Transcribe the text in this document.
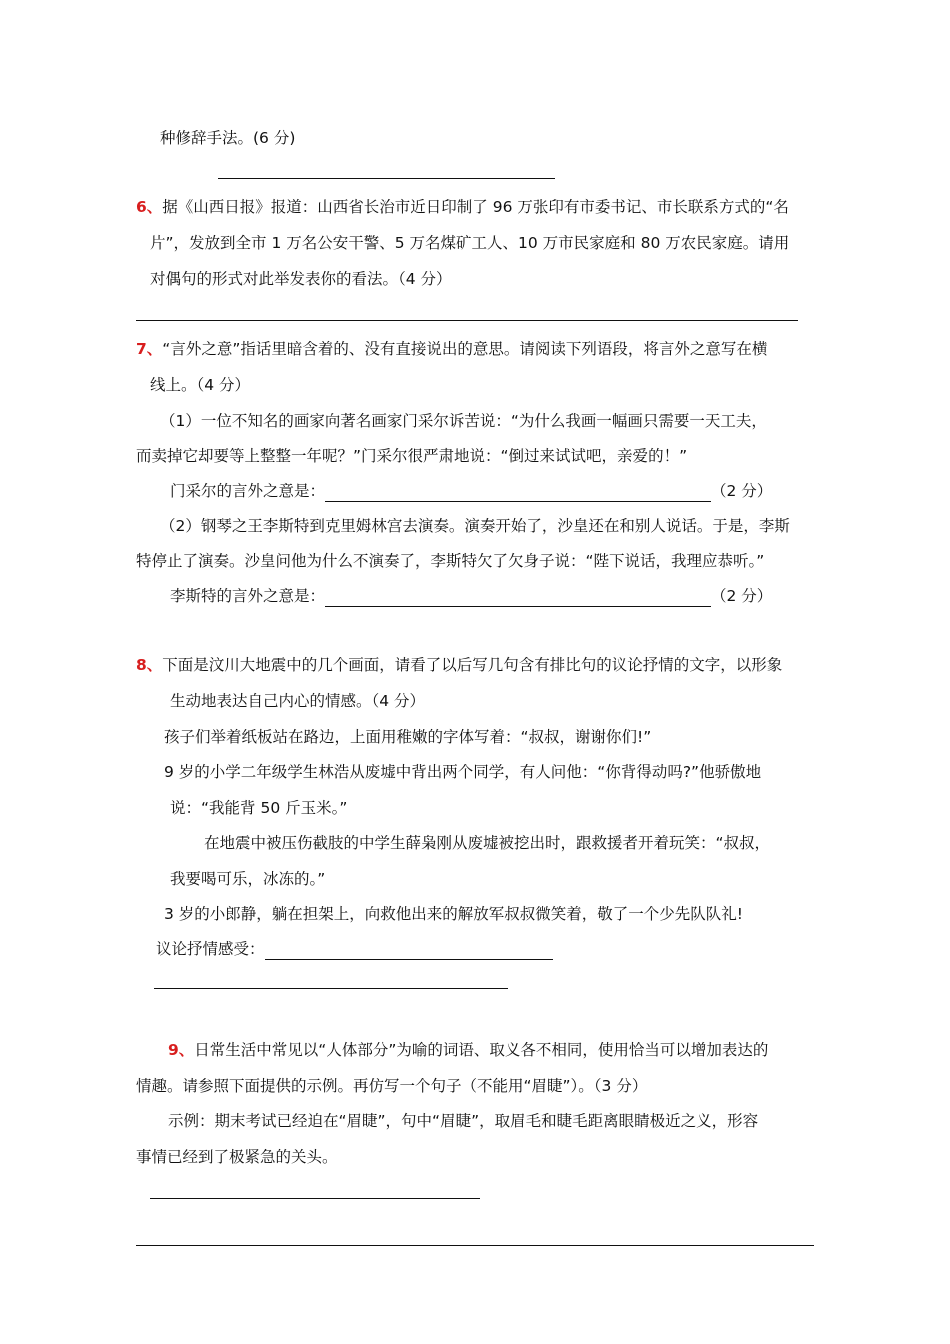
种修辞手法。(6 分)
6、据《山西日报》报道：山西省长治市近日印制了 96 万张印有市委书记、市长联系方式的“名
片”，发放到全市 1 万名公安干警、5 万名煤矿工人、10 万市民家庭和 80 万农民家庭。请用
对偶句的形式对此举发表你的看法。（4 分）
7、“言外之意”指话里暗含着的、没有直接说出的意思。请阅读下列语段，将言外之意写在横
线上。（4 分）
（1）一位不知名的画家向著名画家门采尔诉苦说：“为什么我画一幅画只需要一天工夫，
而卖掉它却要等上整整一年呢？”门采尔很严肃地说：“倒过来试试吧，亲爱的！”
门采尔的言外之意是：	（2 分）
（2）钢琴之王李斯特到克里姆林宫去演奏。演奏开始了，沙皇还在和别人说话。于是，李斯
特停止了演奏。沙皇问他为什么不演奏了，李斯特欠了欠身子说：“陛下说话，我理应恭听。”
李斯特的言外之意是：	（2 分）
8、下面是汶川大地震中的几个画面，请看了以后写几句含有排比句的议论抒情的文字，以形象
生动地表达自己内心的情感。（4 分）
孩子们举着纸板站在路边，上面用稚嫩的字体写着：“叔叔，谢谢你们!”
9 岁的小学二年级学生林浩从废墟中背出两个同学，有人问他：“你背得动吗?”他骄傲地
说：“我能背 50 斤玉米。”
在地震中被压伤截肢的中学生薛枭刚从废墟被挖出时，跟救援者开着玩笑：“叔叔，
我要喝可乐，冰冻的。”
3 岁的小郎静，躺在担架上，向救他出来的解放军叔叔微笑着，敬了一个少先队队礼!
议论抒情感受：
9、日常生活中常见以“人体部分”为喻的词语、取义各不相同，使用恰当可以增加表达的
情趣。请参照下面提供的示例。再仿写一个句子（不能用“眉睫”）。（3 分）
示例：期末考试已经迫在“眉睫”，句中“眉睫”，取眉毛和睫毛距离眼睛极近之义，形容
事情已经到了极紧急的关头。
